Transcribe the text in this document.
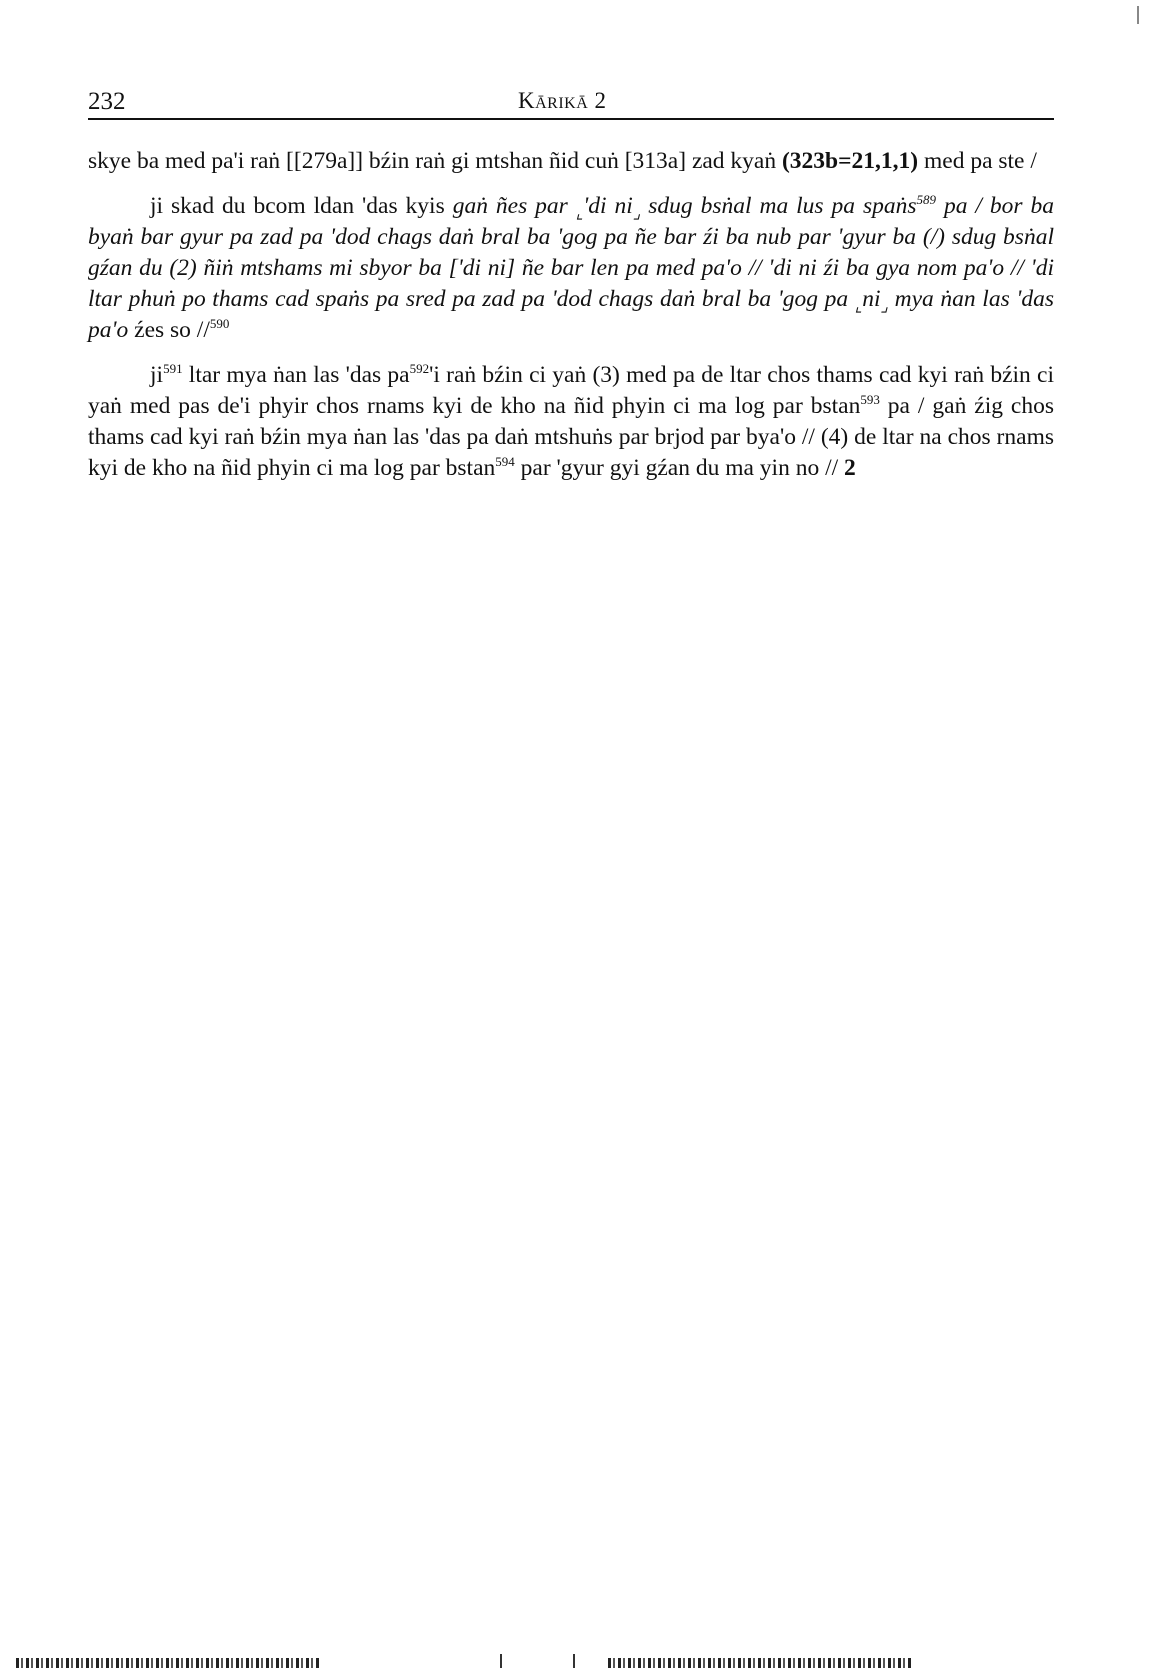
232	Kārikā 2

skye ba med pa'i raṅ [[279a]] bźin raṅ gi mtshan ñid cuṅ [313a] zad kyaṅ (323b=21,1,1) med pa ste /

ji skad du bcom ldan 'das kyis gaṅ ñes par $_⌞$'di $ni_⌟$ sdug bsṅal ma lus pa spaṅs$^{589}$ pa / bor ba byaṅ bar gyur pa zad pa 'dod chags daṅ bral ba 'gog pa ñe bar źi ba nub par 'gyur ba (/) sdug bsṅal gźan du (2) ñiṅ mtshams mi sbyor ba ['di ni] ñe bar len pa med pa'o // 'di ni źi ba gya nom pa'o // 'di ltar phuṅ po thams cad spaṅs pa sred pa zad pa 'dod chags daṅ bral ba 'gog pa $_⌞ni_⌟$ mya ṅan las 'das pa'o źes so //$^{590}$

$ji^{591}$ ltar mya ṅan las 'das $pa^{592}'i$ raṅ bźin ci yaṅ (3) med pa de ltar chos thams cad kyi raṅ bźin ci yaṅ med pas de'i phyir chos rnams kyi de kho na ñid phyin ci ma log par bstan$^{593}$ pa / gaṅ źig chos thams cad kyi raṅ bźin mya ṅan las 'das pa daṅ mtshuṅs par brjod par bya'o // (4) de ltar na chos rnams kyi de kho na ñid phyin ci ma log par bstan$^{594}$ par 'gyur gyi gźan du ma yin no // 2
